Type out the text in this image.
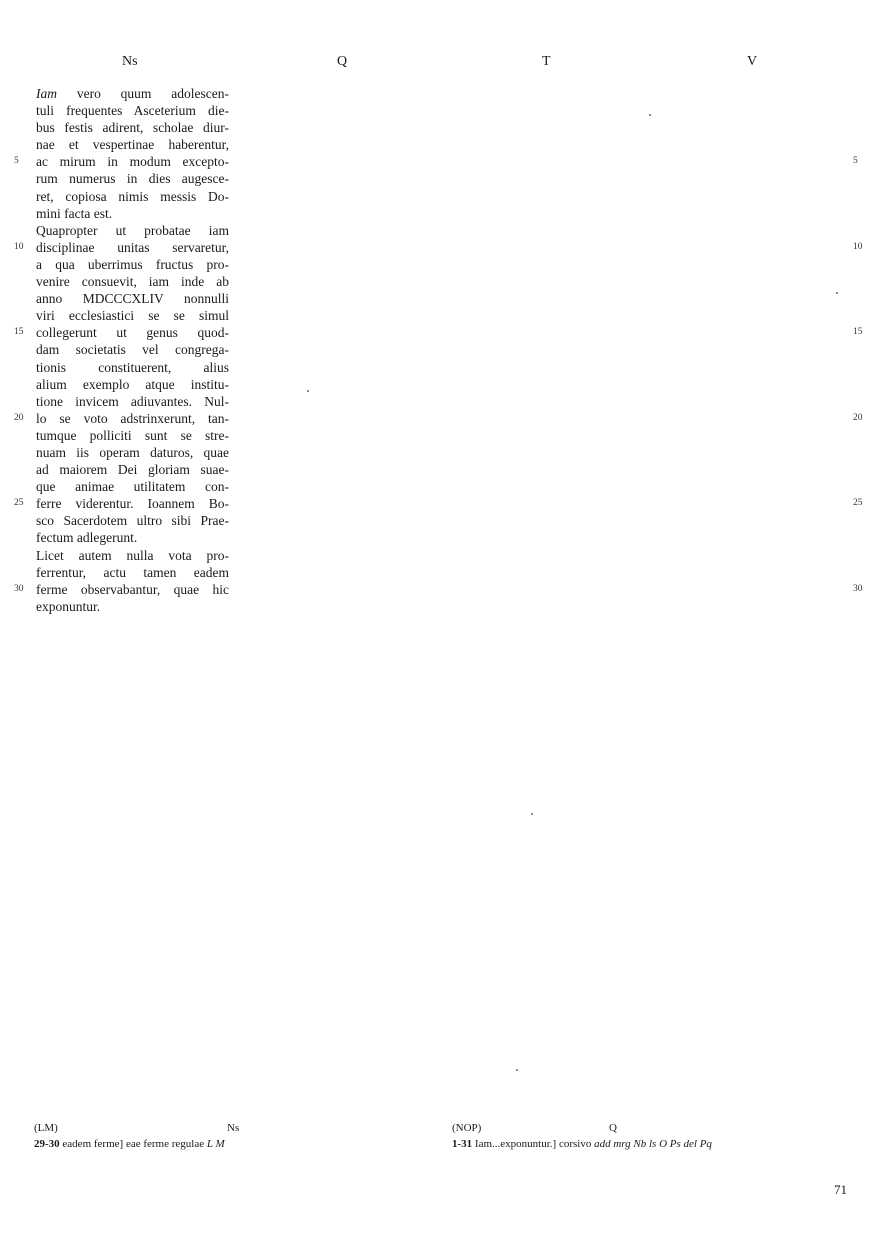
Ns	Q	T	V
Iam vero quum adolescen-
tuli frequentes Asceterium die-
bus festis adirent, scholae diur-
nae et vespertinae haberentur,
ac mirum in modum excepto-
rum numerus in dies augesce-
ret, copiosa nimis messis Do-
mini facta est.
Quapropter ut probatae iam
disciplinae unitas servaretur,
a qua uberrimus fructus pro-
venire consuevit, iam inde ab
anno MDCCCXLIV nonnulli
viri ecclesiastici se se simul
collegerunt ut genus quod-
dam societatis vel congrega-
tionis constituerent, alius
alium exemplo atque institu-
tione invicem adiuvantes. Nul-
lo se voto adstrinxerunt, tan-
tumque polliciti sunt se stre-
nuam iis operam daturos, quae
ad maiorem Dei gloriam suae-
que animae utilitatem con-
ferre viderentur. Ioannem Bo-
sco Sacerdotem ultro sibi Prae-
fectum adlegerunt.
Licet autem nulla vota pro-
ferrentur, actu tamen eadem
ferme observabantur, quae hic
exponuntur.
5
10
15
20
25
30
5
10
15
20
25
30
(LM)	Ns
29-30 eadem ferme] eae ferme regulae L M
(NOP)	Q
1-31 Iam...exponuntur.] corsivo add mrg Nb ls O Ps del Pq
71
